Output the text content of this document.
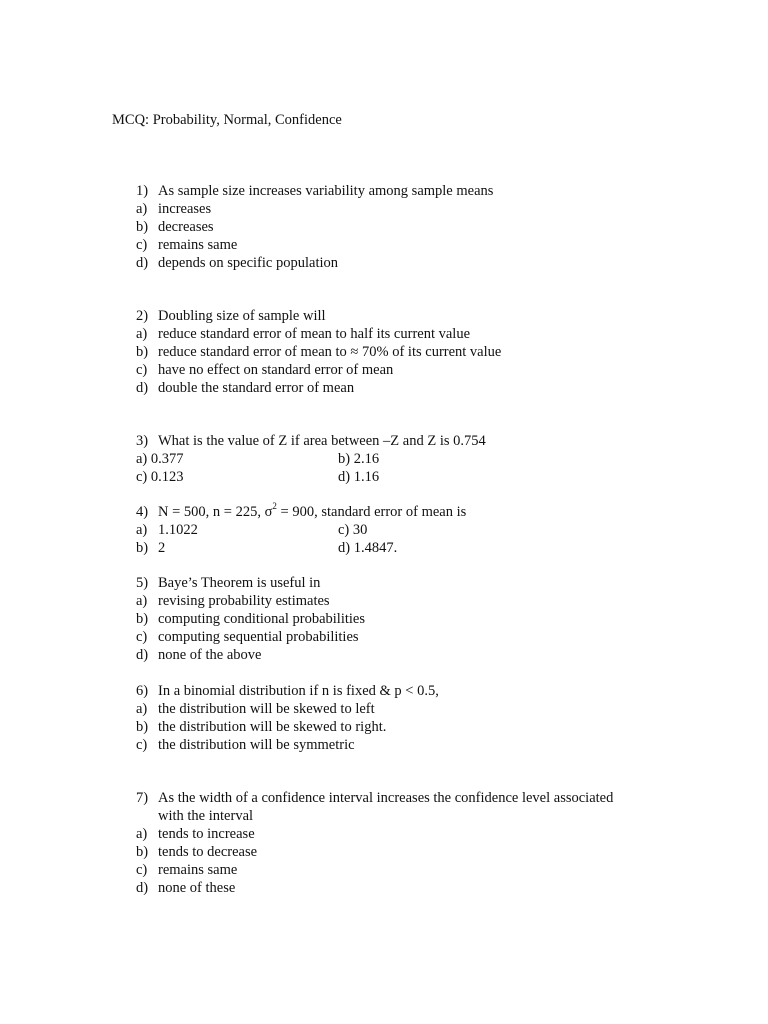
MCQ: Probability, Normal, Confidence
1) As sample size increases variability among sample means
a) increases
b) decreases
c) remains same
d) depends on specific population
2) Doubling size of sample will
a) reduce standard error of mean to half its current value
b) reduce standard error of mean to ≈ 70% of its current value
c) have no effect on standard error of mean
d) double the standard error of mean
3) What is the value of Z if area between –Z and Z is 0.754
a) 0.377	b) 2.16
c) 0.123	d) 1.16
4) N = 500, n = 225, $\sigma^2 = 900$, standard error of mean is
a) 1.1022	c) 30
b) 2	d) 1.4847.
5) Baye’s Theorem is useful in
a) revising probability estimates
b) computing conditional probabilities
c) computing sequential probabilities
d) none of the above
6) In a binomial distribution if n is fixed & p < 0.5,
a) the distribution will be skewed to left
b) the distribution will be skewed to right.
c) the distribution will be symmetric
7) As the width of a confidence interval increases the confidence level associated
with the interval
a) tends to increase
b) tends to decrease
c) remains same
d) none of these
